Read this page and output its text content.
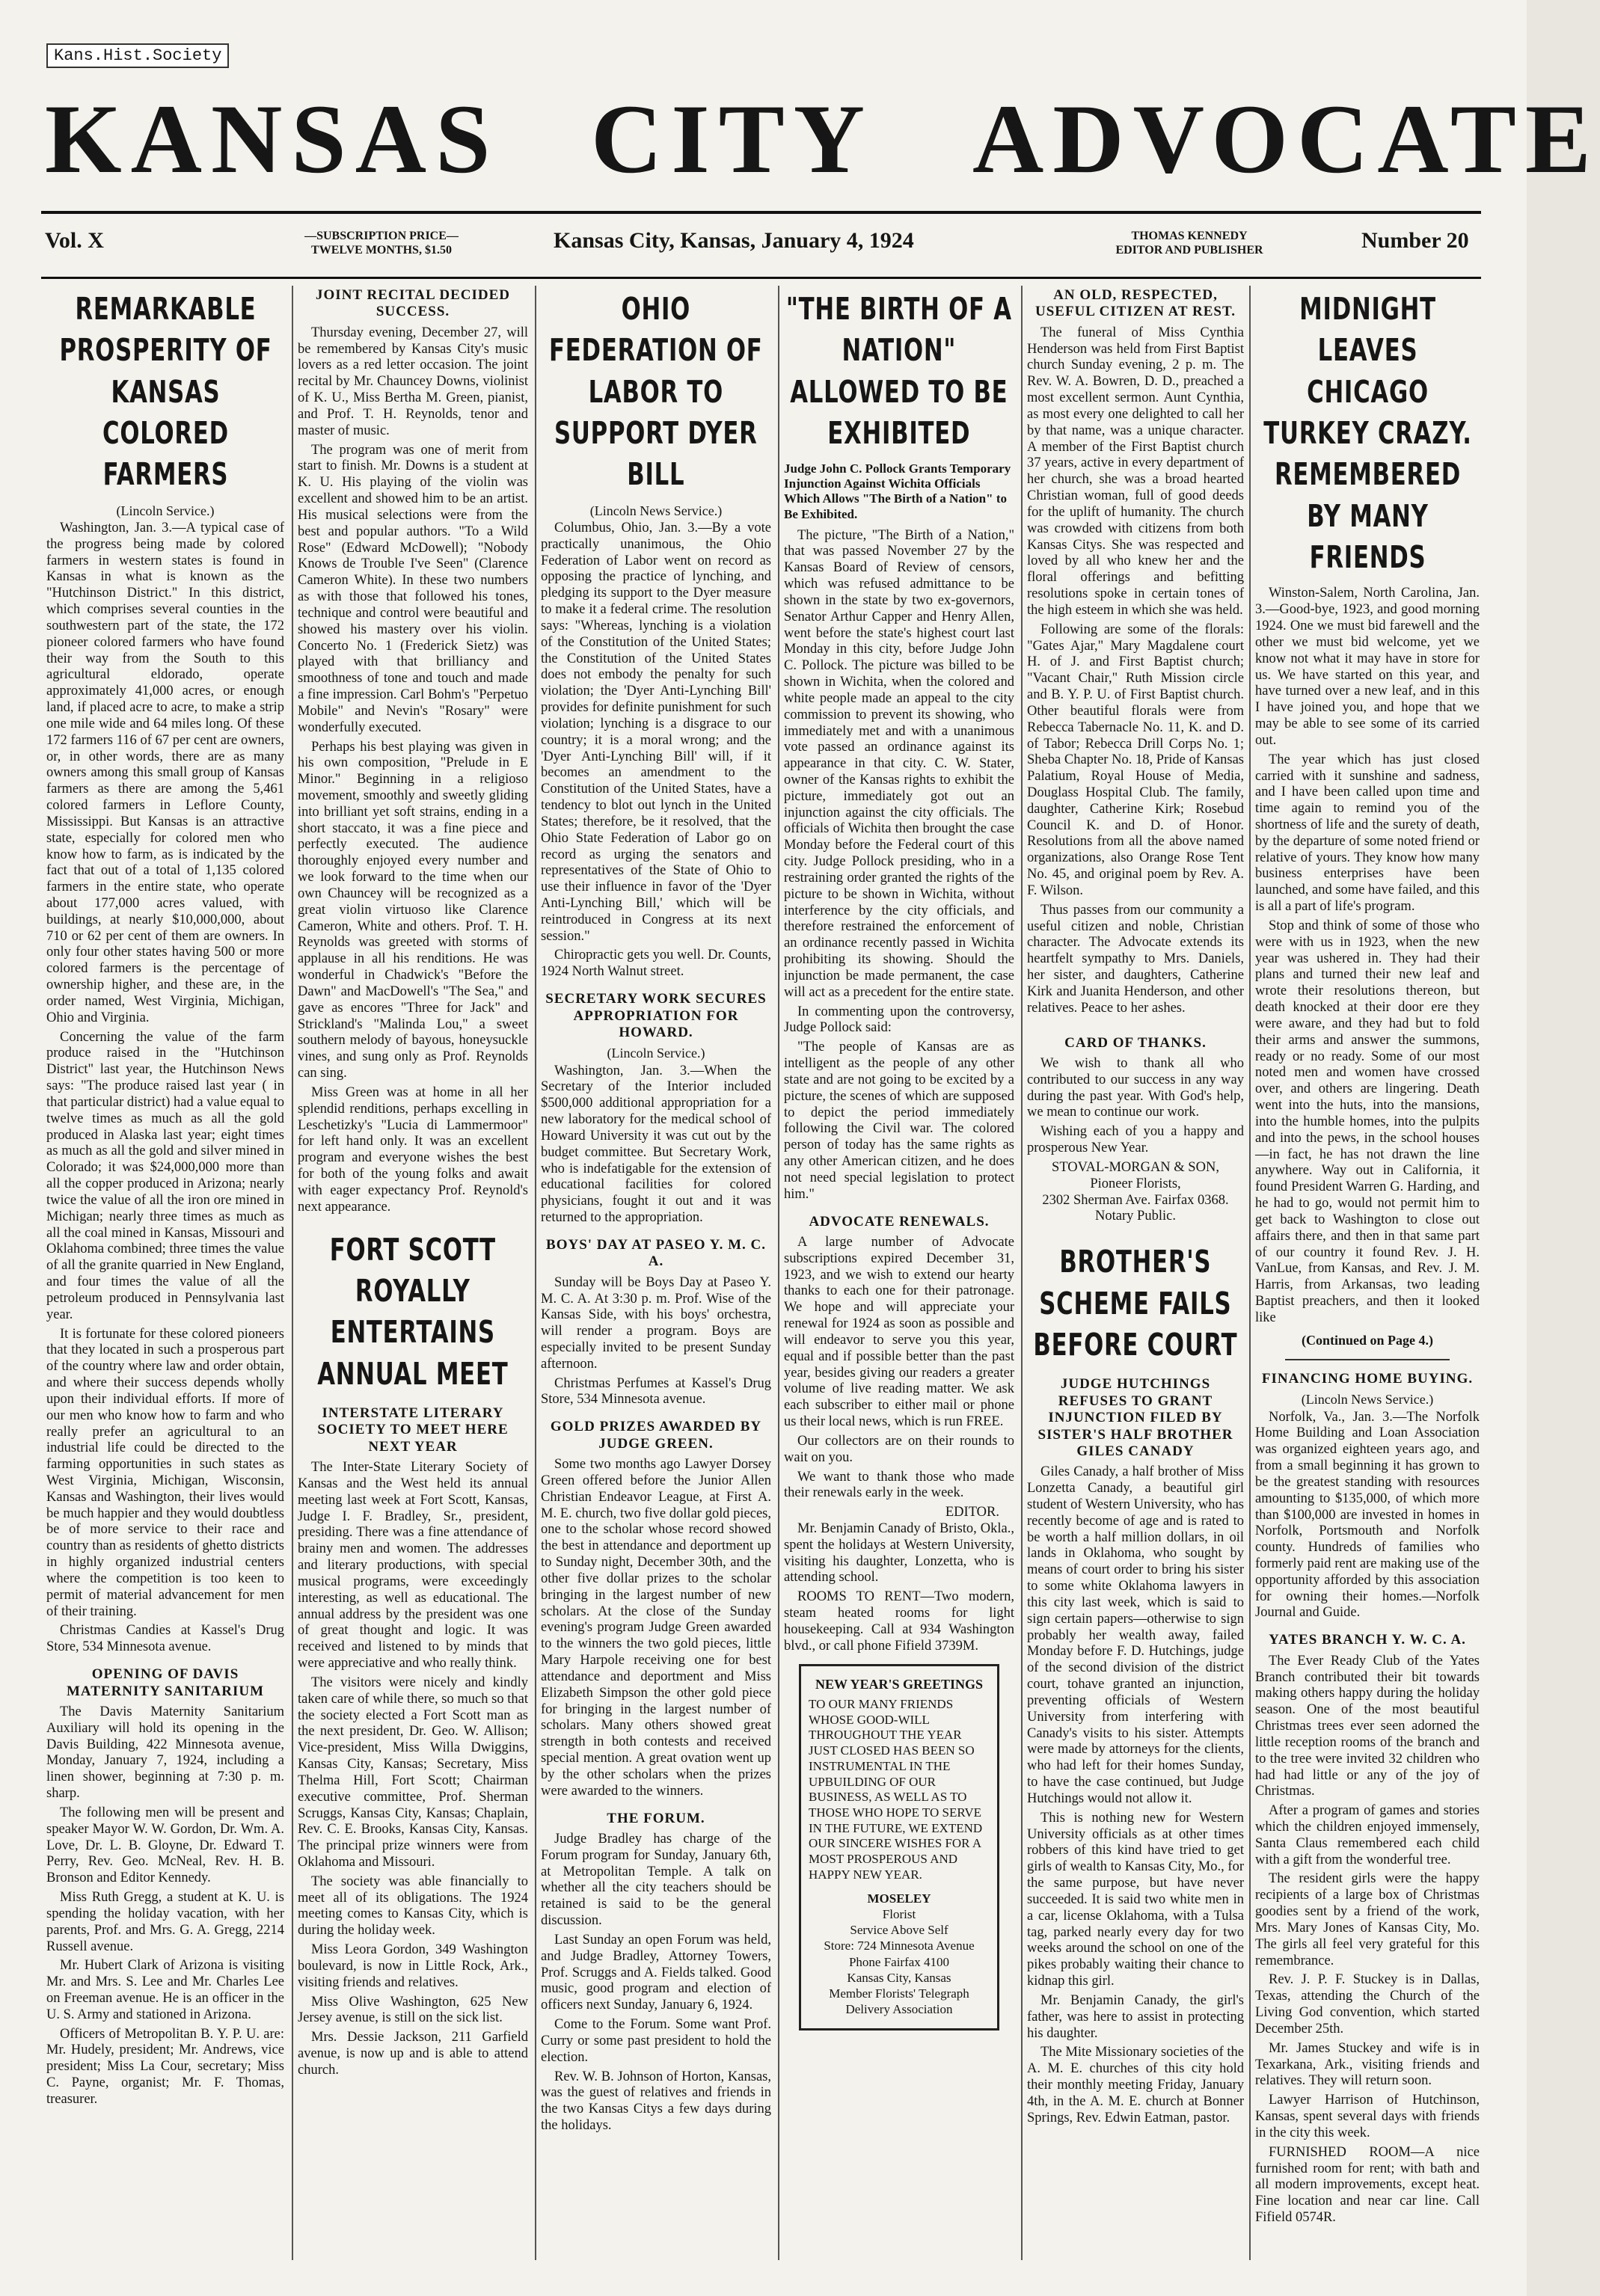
Kans.Hist.Society
KANSAS CITY ADVOCATE
Vol. X	—SUBSCRIPTION PRICE—
TWELVE MONTHS, $1.50	Kansas City, Kansas, January 4, 1924	THOMAS KENNEDY
EDITOR AND PUBLISHER	Number 20
REMARKABLE PROSPERITY OF KANSAS COLORED FARMERS
(Lincoln Service.)

Washington, Jan. 3.—A typical case of the progress being made by colored farmers in western states is found in Kansas in what is known as the "Hutchinson District." In this district, which comprises several counties in the southwestern part of the state, the 172 pioneer colored farmers who have found their way from the South to this agricultural eldorado, operate approximately 41,000 acres, or enough land, if placed acre to acre, to make a strip one mile wide and 64 miles long. Of these 172 farmers 116 of 67 per cent are owners, or, in other words, there are as many owners among this small group of Kansas farmers as there are among the 5,461 colored farmers in Leflore County, Mississippi. But Kansas is an attractive state, especially for colored men who know how to farm, as is indicated by the fact that out of a total of 1,135 colored farmers in the entire state, who operate about 177,000 acres valued, with buildings, at nearly $10,000,000, about 710 or 62 per cent of them are owners. In only four other states having 500 or more colored farmers is the percentage of ownership higher, and these are, in the order named, West Virginia, Michigan, Ohio and Virginia.

Concerning the value of the farm produce raised in the "Hutchinson District" last year, the Hutchinson News says: "The produce raised last year ( in that particular district) had a value equal to twelve times as much as all the gold produced in Alaska last year; eight times as much as all the gold and silver mined in Colorado; it was $24,000,000 more than all the copper produced in Arizona; nearly twice the value of all the iron ore mined in Michigan; nearly three times as much as all the coal mined in Kansas, Missouri and Oklahoma combined; three times the value of all the granite quarried in New England, and four times the value of all the petroleum produced in Pennsylvania last year.

It is fortunate for these colored pioneers that they located in such a prosperous part of the country where law and order obtain, and where their success depends wholly upon their individual efforts. If more of our men who know how to farm and who really prefer an agricultural to an industrial life could be directed to the farming opportunities in such states as West Virginia, Michigan, Wisconsin, Kansas and Washington, their lives would be much happier and they would doubtless be of more service to their race and country than as residents of ghetto districts in highly organized industrial centers where the competition is too keen to permit of material advancement for men of their training.

Christmas Candies at Kassel's Drug Store, 534 Minnesota avenue.

OPENING OF DAVIS MATERNITY SANITARIUM

The Davis Maternity Sanitarium Auxiliary will hold its opening in the Davis Building, 422 Minnesota avenue, Monday, January 7, 1924, including a linen shower, beginning at 7:30 p. m. sharp.

The following men will be present and speaker Mayor W. W. Gordon, Dr. Wm. A. Love, Dr. L. B. Gloyne, Dr. Edward T. Perry, Rev. Geo. McNeal, Rev. H. B. Bronson and Editor Kennedy.

Miss Ruth Gregg, a student at K. U. is spending the holiday vacation, with her parents, Prof. and Mrs. G. A. Gregg, 2214 Russell avenue.

Mr. Hubert Clark of Arizona is visiting Mr. and Mrs. S. Lee and Mr. Charles Lee on Freeman avenue. He is an officer in the U. S. Army and stationed in Arizona.

Officers of Metropolitan B. Y. P. U. are: Mr. Hudely, president; Mr. Andrews, vice president; Miss La Cour, secretary; Miss C. Payne, organist; Mr. F. Thomas, treasurer.

JOINT RECITAL DECIDED SUCCESS.

Thursday evening, December 27, will be remembered by Kansas City's music lovers as a red letter occasion. The joint recital by Mr. Chauncey Downs, violinist of K. U., Miss Bertha M. Green, pianist, and Prof. T. H. Reynolds, tenor and master of music.

The program was one of merit from start to finish. Mr. Downs is a student at K. U. His playing of the violin was excellent and showed him to be an artist. His musical selections were from the best and popular authors. "To a Wild Rose" (Edward McDowell); "Nobody Knows de Trouble I've Seen" (Clarence Cameron White). In these two numbers as with those that followed his tones, technique and control were beautiful and showed his mastery over his violin. Concerto No. 1 (Frederick Sietz) was played with that brilliancy and smoothness of tone and touch and made a fine impression. Carl Bohm's "Perpetuo Mobile" and Nevin's "Rosary" were wonderfully executed.

Perhaps his best playing was given in his own composition, "Prelude in E Minor." Beginning in a religioso movement, smoothly and sweetly gliding into brilliant yet soft strains, ending in a short staccato, it was a fine piece and perfectly executed. The audience thoroughly enjoyed every number and we look forward to the time when our own Chauncey will be recognized as a great violin virtuoso like Clarence Cameron, White and others. Prof. T. H. Reynolds was greeted with storms of applause in all his renditions. He was wonderful in Chadwick's "Before the Dawn" and MacDowell's "The Sea," and gave as encores "Three for Jack" and Strickland's "Malinda Lou," a sweet southern melody of bayous, honeysuckle vines, and sung only as Prof. Reynolds can sing.

Miss Green was at home in all her splendid renditions, perhaps excelling in Leschetizky's "Lucia di Lammermoor" for left hand only. It was an excellent program and everyone wishes the best for both of the young folks and await with eager expectancy Prof. Reynold's next appearance.

FORT SCOTT ROYALLY ENTERTAINS ANNUAL MEET
INTERSTATE LITERARY SOCIETY TO MEET HERE NEXT YEAR

The Inter-State Literary Society of Kansas and the West held its annual meeting last week at Fort Scott, Kansas, Judge I. F. Bradley, Sr., president, presiding. There was a fine attendance of brainy men and women. The addresses and literary productions, with special musical programs, were exceedingly interesting, as well as educational. The annual address by the president was one of great thought and logic. It was received and listened to by minds that were appreciative and who really think.

The visitors were nicely and kindly taken care of while there, so much so that the society elected a Fort Scott man as the next president, Dr. Geo. W. Allison; Vice-president, Miss Willa Dwiggins, Kansas City, Kansas; Secretary, Miss Thelma Hill, Fort Scott; Chairman executive committee, Prof. Sherman Scruggs, Kansas City, Kansas; Chaplain, Rev. C. E. Brooks, Kansas City, Kansas. The principal prize winners were from Oklahoma and Missouri.

The society was able financially to meet all of its obligations. The 1924 meeting comes to Kansas City, which is during the holiday week.

Miss Leora Gordon, 349 Washington boulevard, is now in Little Rock, Ark., visiting friends and relatives.

Miss Olive Washington, 625 New Jersey avenue, is still on the sick list.

Mrs. Dessie Jackson, 211 Garfield avenue, is now up and is able to attend church.

OHIO FEDERATION OF LABOR TO SUPPORT DYER BILL
(Lincoln News Service.)

Columbus, Ohio, Jan. 3.—By a vote practically unanimous, the Ohio Federation of Labor went on record as opposing the practice of lynching, and pledging its support to the Dyer measure to make it a federal crime. The resolution says: "Whereas, lynching is a violation of the Constitution of the United States; the Constitution of the United States does not embody the penalty for such violation; the 'Dyer Anti-Lynching Bill' provides for definite punishment for such violation; lynching is a disgrace to our country; it is a moral wrong; and the 'Dyer Anti-Lynching Bill' will, if it becomes an amendment to the Constitution of the United States, have a tendency to blot out lynch in the United States; therefore, be it resolved, that the Ohio State Federation of Labor go on record as urging the senators and representatives of the State of Ohio to use their influence in favor of the 'Dyer Anti-Lynching Bill,' which will be reintroduced in Congress at its next session."

Chiropractic gets you well. Dr. Counts, 1924 North Walnut street.

SECRETARY WORK SECURES APPROPRIATION FOR HOWARD.
(Lincoln Service.)

Washington, Jan. 3.—When the Secretary of the Interior included $500,000 additional appropriation for a new laboratory for the medical school of Howard University it was cut out by the budget committee. But Secretary Work, who is indefatigable for the extension of educational facilities for colored physicians, fought it out and it was returned to the appropriation.

BOYS' DAY AT PASEO Y. M. C. A.

Sunday will be Boys Day at Paseo Y. M. C. A. At 3:30 p. m. Prof. Wise of the Kansas Side, with his boys' orchestra, will render a program. Boys are especially invited to be present Sunday afternoon.

Christmas Perfumes at Kassel's Drug Store, 534 Minnesota avenue.

GOLD PRIZES AWARDED BY JUDGE GREEN.

Some two months ago Lawyer Dorsey Green offered before the Junior Allen Christian Endeavor League, at First A. M. E. church, two five dollar gold pieces, one to the scholar whose record showed the best in attendance and deportment up to Sunday night, December 30th, and the other five dollar prizes to the scholar bringing in the largest number of new scholars. At the close of the Sunday evening's program Judge Green awarded to the winners the two gold pieces, little Mary Harpole receiving one for best attendance and deportment and Miss Elizabeth Simpson the other gold piece for bringing in the largest number of scholars. Many others showed great strength in both contests and received special mention. A great ovation went up by the other scholars when the prizes were awarded to the winners.

THE FORUM.

Judge Bradley has charge of the Forum program for Sunday, January 6th, at Metropolitan Temple. A talk on whether all the city teachers should be retained is said to be the general discussion.

Last Sunday an open Forum was held, and Judge Bradley, Attorney Towers, Prof. Scruggs and A. Fields talked. Good music, good program and election of officers next Sunday, January 6, 1924.

Come to the Forum. Some want Prof. Curry or some past president to hold the election.

Rev. W. B. Johnson of Horton, Kansas, was the guest of relatives and friends in the two Kansas Citys a few days during the holidays.

"THE BIRTH OF A NATION" ALLOWED TO BE EXHIBITED
Judge John C. Pollock Grants Temporary Injunction Against Wichita Officials Which Allows "The Birth of a Nation" to Be Exhibited.

The picture, "The Birth of a Nation," that was passed November 27 by the Kansas Board of Review of censors, which was refused admittance to be shown in the state by two ex-governors, Senator Arthur Capper and Henry Allen, went before the state's highest court last Monday in this city, before Judge John C. Pollock. The picture was billed to be shown in Wichita, when the colored and white people made an appeal to the city commission to prevent its showing, who immediately met and with a unanimous vote passed an ordinance against its appearance in that city. C. W. Stater, owner of the Kansas rights to exhibit the picture, immediately got out an injunction against the city officials. The officials of Wichita then brought the case Monday before the Federal court of this city. Judge Pollock presiding, who in a restraining order granted the rights of the picture to be shown in Wichita, without interference by the city officials, and therefore restrained the enforcement of an ordinance recently passed in Wichita prohibiting its showing. Should the injunction be made permanent, the case will act as a precedent for the entire state.

In commenting upon the controversy, Judge Pollock said:

"The people of Kansas are as intelligent as the people of any other state and are not going to be excited by a picture, the scenes of which are supposed to depict the period immediately following the Civil war. The colored person of today has the same rights as any other American citizen, and he does not need special legislation to protect him."

ADVOCATE RENEWALS.

A large number of Advocate subscriptions expired December 31, 1923, and we wish to extend our hearty thanks to each one for their patronage. We hope and will appreciate your renewal for 1924 as soon as possible and will endeavor to serve you this year, equal and if possible better than the past year, besides giving our readers a greater volume of live reading matter. We ask each subscriber to either mail or phone us their local news, which is run FREE.

Our collectors are on their rounds to wait on you.

We want to thank those who made their renewals early in the week.

EDITOR.

Mr. Benjamin Canady of Bristo, Okla., spent the holidays at Western University, visiting his daughter, Lonzetta, who is attending school.

ROOMS TO RENT—Two modern, steam heated rooms for light housekeeping. Call at 934 Washington blvd., or call phone Fifield 3739M.

NEW YEAR'S GREETINGS
TO OUR MANY FRIENDS WHOSE GOOD-WILL THROUGHOUT THE YEAR JUST CLOSED HAS BEEN SO INSTRUMENTAL IN THE UPBUILDING OF OUR BUSINESS, AS WELL AS TO THOSE WHO HOPE TO SERVE IN THE FUTURE, WE EXTEND OUR SINCERE WISHES FOR A MOST PROSPEROUS AND HAPPY NEW YEAR.
MOSELEY
Florist
Service Above Self
Store: 724 Minnesota Avenue
Phone Fairfax 4100
Kansas City, Kansas
Member Florists' Telegraph
Delivery Association
AN OLD, RESPECTED, USEFUL CITIZEN AT REST.

The funeral of Miss Cynthia Henderson was held from First Baptist church Sunday evening, 2 p. m. The Rev. W. A. Bowren, D. D., preached a most excellent sermon. Aunt Cynthia, as most every one delighted to call her by that name, was a unique character. A member of the First Baptist church 37 years, active in every department of her church, she was a broad hearted Christian woman, full of good deeds for the uplift of humanity. The church was crowded with citizens from both Kansas Citys. She was respected and loved by all who knew her and the floral offerings and befitting resolutions spoke in certain tones of the high esteem in which she was held.

Following are some of the florals: "Gates Ajar," Mary Magdalene court H. of J. and First Baptist church; "Vacant Chair," Ruth Mission circle and B. Y. P. U. of First Baptist church. Other beautiful florals were from Rebecca Tabernacle No. 11, K. and D. of Tabor; Rebecca Drill Corps No. 1; Sheba Chapter No. 18, Pride of Kansas Palatium, Royal House of Media, Douglass Hospital Club. The family, daughter, Catherine Kirk; Rosebud Council K. and D. of Honor. Resolutions from all the above named organizations, also Orange Rose Tent No. 45, and original poem by Rev. A. F. Wilson.

Thus passes from our community a useful citizen and noble, Christian character. The Advocate extends its heartfelt sympathy to Mrs. Daniels, her sister, and daughters, Catherine Kirk and Juanita Henderson, and other relatives. Peace to her ashes.

CARD OF THANKS.

We wish to thank all who contributed to our success in any way during the past year. With God's help, we mean to continue our work.

Wishing each of you a happy and prosperous New Year.

STOVAL-MORGAN & SON,
Pioneer Florists,
2302 Sherman Ave. Fairfax 0368.
Notary Public.
BROTHER'S SCHEME FAILS BEFORE COURT
JUDGE HUTCHINGS REFUSES TO GRANT INJUNCTION FILED BY SISTER'S HALF BROTHER GILES CANADY

Giles Canady, a half brother of Miss Lonzetta Canady, a beautiful girl student of Western University, who has recently become of age and is rated to be worth a half million dollars, in oil lands in Oklahoma, who sought by means of court order to bring his sister to some white Oklahoma lawyers in this city last week, which is said to sign certain papers—otherwise to sign probably her wealth away, failed Monday before F. D. Hutchings, judge of the second division of the district court, tohave granted an injunction, preventing officials of Western University from interfering with Canady's visits to his sister. Attempts were made by attorneys for the clients, who had left for their homes Sunday, to have the case continued, but Judge Hutchings would not allow it.

This is nothing new for Western University officials as at other times robbers of this kind have tried to get girls of wealth to Kansas City, Mo., for the same purpose, but have never succeeded. It is said two white men in a car, license Oklahoma, with a Tulsa tag, parked nearly every day for two weeks around the school on one of the pikes probably waiting their chance to kidnap this girl.

Mr. Benjamin Canady, the girl's father, was here to assist in protecting his daughter.

The Mite Missionary societies of the A. M. E. churches of this city hold their monthly meeting Friday, January 4th, in the A. M. E. church at Bonner Springs, Rev. Edwin Eatman, pastor.

MIDNIGHT LEAVES CHICAGO TURKEY CRAZY. REMEMBERED BY MANY FRIENDS

Winston-Salem, North Carolina, Jan. 3.—Good-bye, 1923, and good morning 1924. One we must bid farewell and the other we must bid welcome, yet we know not what it may have in store for us. We have started on this year, and have turned over a new leaf, and in this I have joined you, and hope that we may be able to see some of its carried out.

The year which has just closed carried with it sunshine and sadness, and I have been called upon time and time again to remind you of the shortness of life and the surety of death, by the departure of some noted friend or relative of yours. They know how many business enterprises have been launched, and some have failed, and this is all a part of life's program.

Stop and think of some of those who were with us in 1923, when the new year was ushered in. They had their plans and turned their new leaf and wrote their resolutions thereon, but death knocked at their door ere they were aware, and they had but to fold their arms and answer the summons, ready or no ready. Some of our most noted men and women have crossed over, and others are lingering. Death went into the huts, into the mansions, into the humble homes, into the pulpits and into the pews, in the school houses—in fact, he has not drawn the line anywhere. Way out in California, it found President Warren G. Harding, and he had to go, would not permit him to get back to Washington to close out affairs there, and then in that same part of our country it found Rev. J. H. VanLue, from Kansas, and Rev. J. M. Harris, from Arkansas, two leading Baptist preachers, and then it looked like

(Continued on Page 4.)
FINANCING HOME BUYING.
(Lincoln News Service.)

Norfolk, Va., Jan. 3.—The Norfolk Home Building and Loan Association was organized eighteen years ago, and from a small beginning it has grown to be the greatest standing with resources amounting to $135,000, of which more than $100,000 are invested in homes in Norfolk, Portsmouth and Norfolk county. Hundreds of families who formerly paid rent are making use of the opportunity afforded by this association for owning their homes.—Norfolk Journal and Guide.

YATES BRANCH Y. W. C. A.

The Ever Ready Club of the Yates Branch contributed their bit towards making others happy during the holiday season. One of the most beautiful Christmas trees ever seen adorned the little reception rooms of the branch and to the tree were invited 32 children who had had little or any of the joy of Christmas.

After a program of games and stories which the children enjoyed immensely, Santa Claus remembered each child with a gift from the wonderful tree.

The resident girls were the happy recipients of a large box of Christmas goodies sent by a friend of the work, Mrs. Mary Jones of Kansas City, Mo. The girls all feel very grateful for this remembrance.

Rev. J. P. F. Stuckey is in Dallas, Texas, attending the Church of the Living God convention, which started December 25th.

Mr. James Stuckey and wife is in Texarkana, Ark., visiting friends and relatives. They will return soon.

Lawyer Harrison of Hutchinson, Kansas, spent several days with friends in the city this week.

FURNISHED ROOM—A nice furnished room for rent; with bath and all modern improvements, except heat. Fine location and near car line. Call Fifield 0574R.
